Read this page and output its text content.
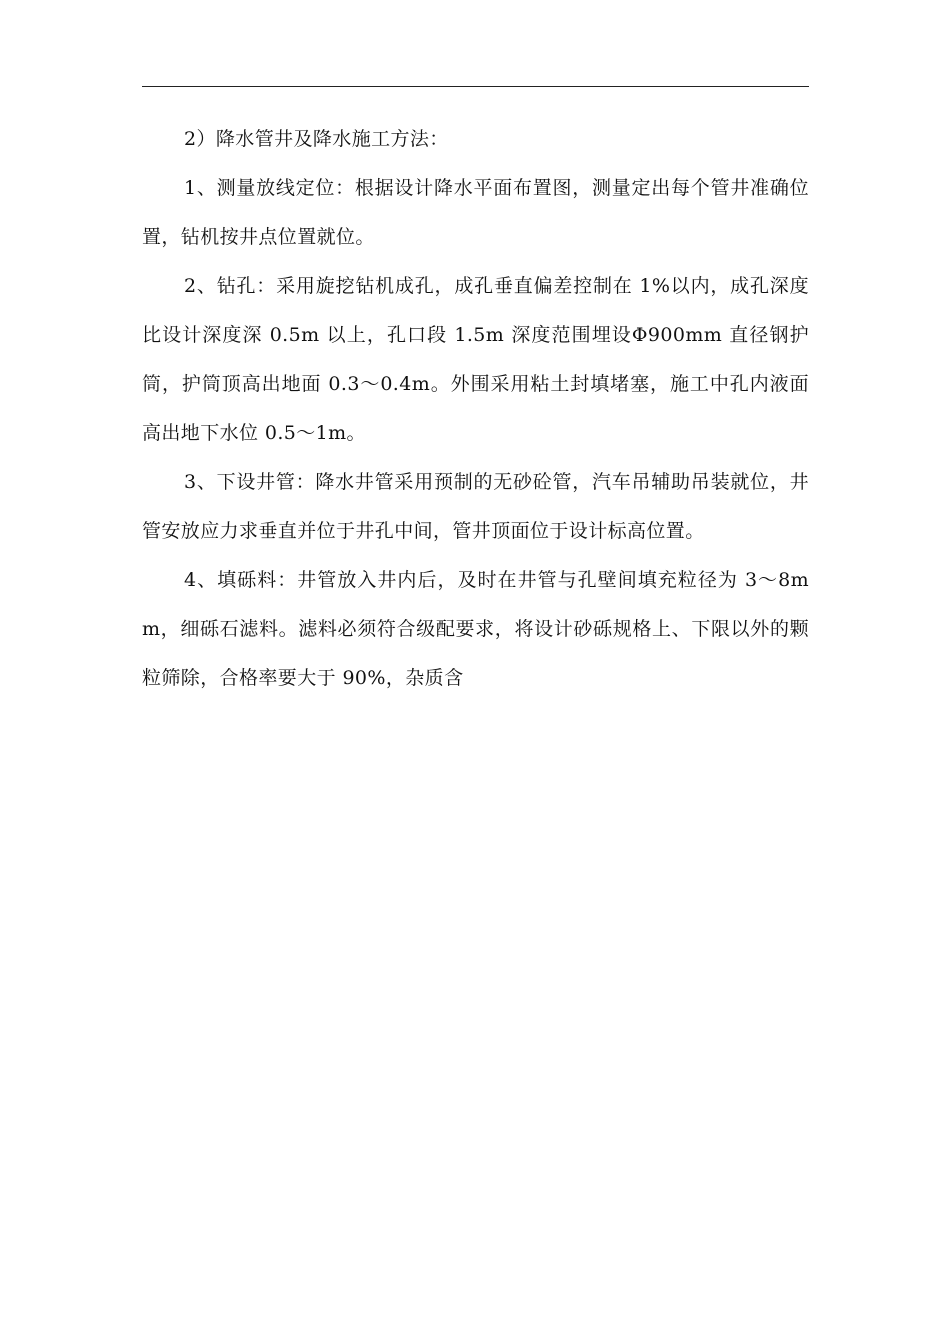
2）降水管井及降水施工方法：

1、测量放线定位：根据设计降水平面布置图，测量定出每个管井准确位置，钻机按井点位置就位。

2、钻孔：采用旋挖钻机成孔，成孔垂直偏差控制在 1%以内，成孔深度比设计深度深 0.5m 以上，孔口段 1.5m 深度范围埋设Φ900mm 直径钢护筒，护筒顶高出地面 0.3～0.4m。外围采用粘土封填堵塞，施工中孔内液面高出地下水位 0.5～1m。

3、下设井管：降水井管采用预制的无砂砼管，汽车吊辅助吊装就位，井管安放应力求垂直并位于井孔中间，管井顶面位于设计标高位置。

4、填砾料：井管放入井内后，及时在井管与孔壁间填充粒径为 3～8mm，细砾石滤料。滤料必须符合级配要求，将设计砂砾规格上、下限以外的颗粒筛除，合格率要大于 90%，杂质含
